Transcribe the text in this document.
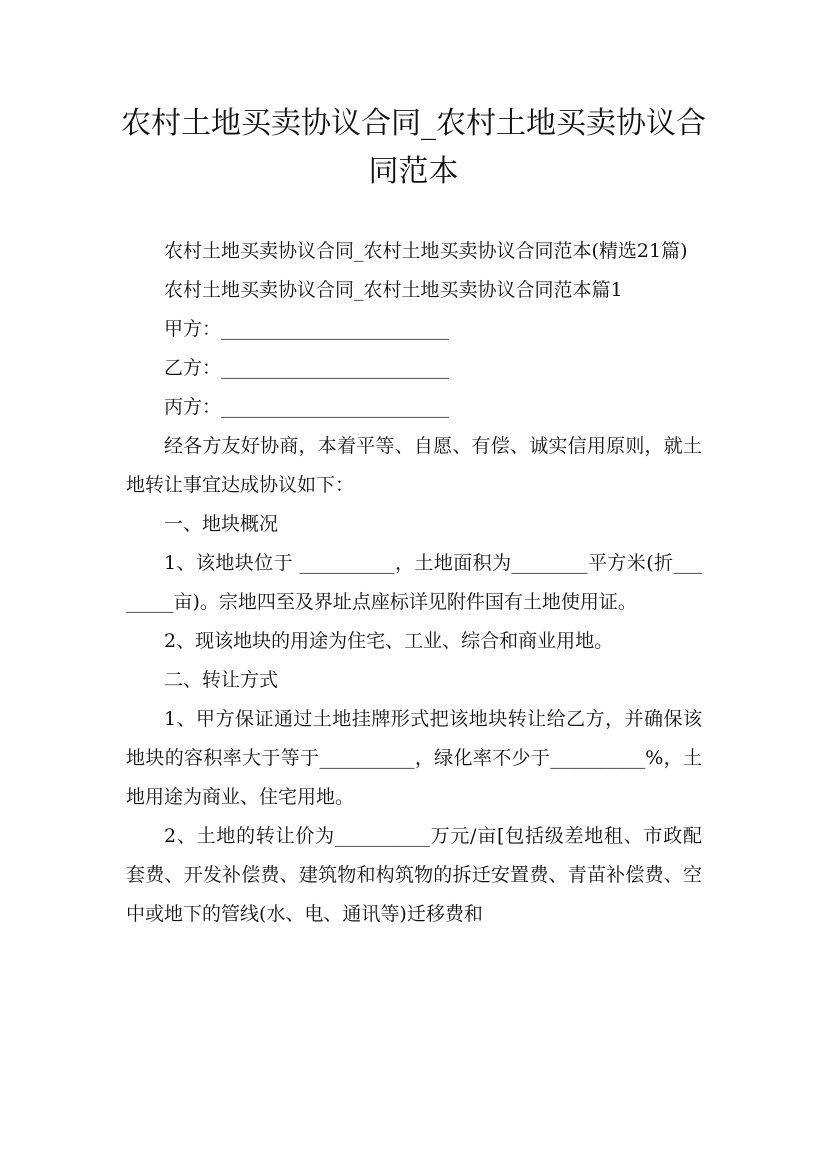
农村土地买卖协议合同_农村土地买卖协议合同范本

农村土地买卖协议合同_农村土地买卖协议合同范本(精选21篇)

农村土地买卖协议合同_农村土地买卖协议合同范本篇1

甲方：________________________

乙方：________________________

丙方：________________________

经各方友好协商，本着平等、自愿、有偿、诚实信用原则，就土地转让事宜达成协议如下：

一、地块概况

1、该地块位于 __________，土地面积为________平方米(折________亩)。宗地四至及界址点座标详见附件国有土地使用证。

2、现该地块的用途为住宅、工业、综合和商业用地。

二、转让方式

1、甲方保证通过土地挂牌形式把该地块转让给乙方，并确保该地块的容积率大于等于__________，绿化率不少于__________%，土地用途为商业、住宅用地。

2、土地的转让价为__________万元/亩[包括级差地租、市政配套费、开发补偿费、建筑物和构筑物的拆迁安置费、青苗补偿费、空中或地下的管线(水、电、通讯等)迁移费和
